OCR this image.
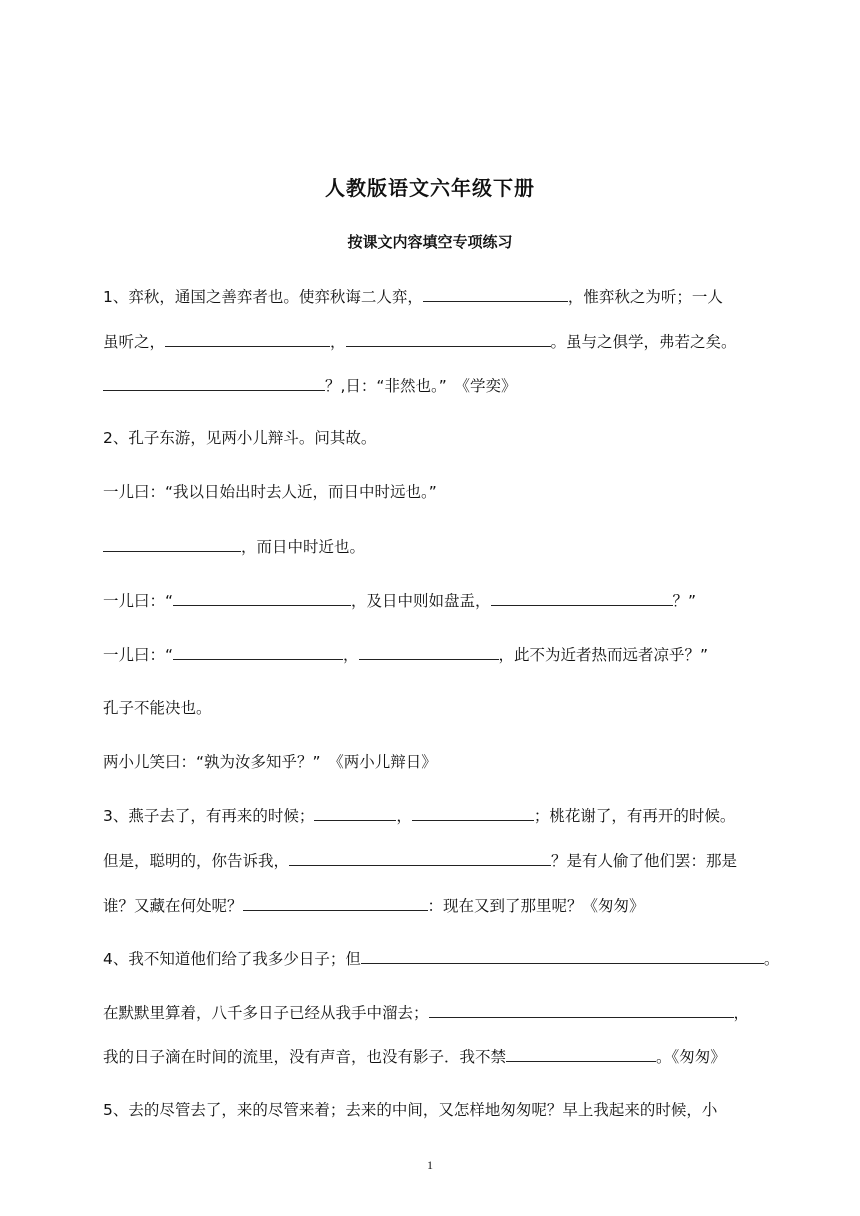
人教版语文六年级下册
按课文内容填空专项练习
1、弈秋，通国之善弈者也。使弈秋诲二人弈，	，惟弈秋之为听；一人
虽听之，	，	。虽与之俱学，弗若之矣。
？,日：“非然也。”　《学奕》
2、孔子东游，见两小儿辩斗。问其故。
一儿曰：“我以日始出时去人近，而日中时远也。”
，而日中时近也。
一儿曰：“	，及日中则如盘盂，	？”
一儿曰：“	，	，此不为近者热而远者凉乎？”
孔子不能决也。
两小儿笑曰：“孰为汝多知乎？”　《两小儿辩日》
3、燕子去了，有再来的时候；	，	；桃花谢了，有再开的时候。
但是，聪明的，你告诉我，	？是有人偷了他们罢：那是
谁？又藏在何处呢？	：现在又到了那里呢？《匆匆》
4、我不知道他们给了我多少日子；但	。
在默默里算着，八千多日子已经从我手中溜去；	，
我的日子滴在时间的流里，没有声音，也没有影子．我不禁	。《匆匆》
5、去的尽管去了，来的尽管来着；去来的中间，又怎样地匆匆呢？早上我起来的时候，小
1
